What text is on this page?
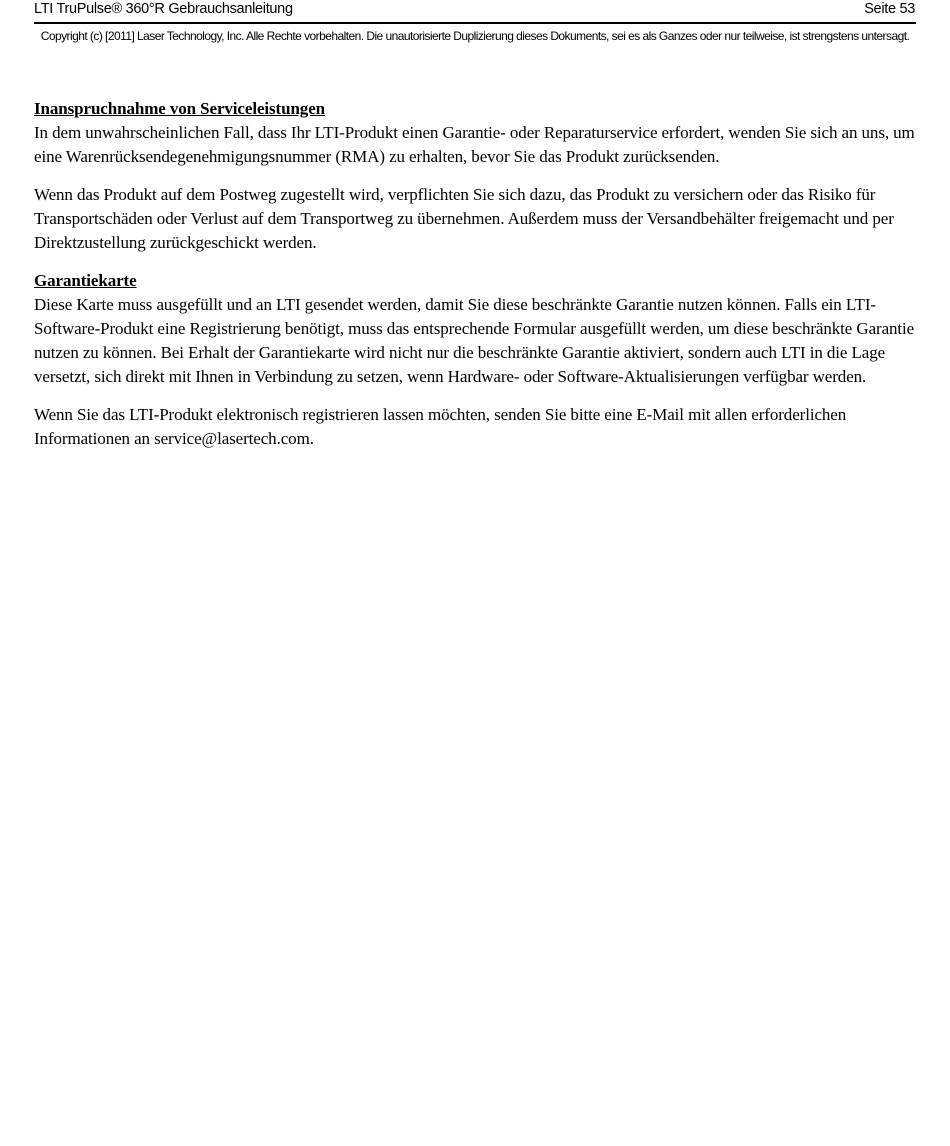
LTI TruPulse® 360°R Gebrauchsanleitung	Seite 53
Copyright (c) [2011] Laser Technology, Inc. Alle Rechte vorbehalten. Die unautorisierte Duplizierung dieses Dokuments, sei es als Ganzes oder nur teilweise, ist strengstens untersagt.
Inanspruchnahme von Serviceleistungen

In dem unwahrscheinlichen Fall, dass Ihr LTI-Produkt einen Garantie- oder Reparaturservice erfordert, wenden Sie sich an uns, um eine Warenrücksendegenehmigungsnummer (RMA) zu erhalten, bevor Sie das Produkt zurücksenden.

Wenn das Produkt auf dem Postweg zugestellt wird, verpflichten Sie sich dazu, das Produkt zu versichern oder das Risiko für Transportschäden oder Verlust auf dem Transportweg zu übernehmen. Außerdem muss der Versandbehälter freigemacht und per Direktzustellung zurückgeschickt werden.

Garantiekarte

Diese Karte muss ausgefüllt und an LTI gesendet werden, damit Sie diese beschränkte Garantie nutzen können. Falls ein LTI-Software-Produkt eine Registrierung benötigt, muss das entsprechende Formular ausgefüllt werden, um diese beschränkte Garantie nutzen zu können. Bei Erhalt der Garantiekarte wird nicht nur die beschränkte Garantie aktiviert, sondern auch LTI in die Lage versetzt, sich direkt mit Ihnen in Verbindung zu setzen, wenn Hardware- oder Software-Aktualisierungen verfügbar werden.

Wenn Sie das LTI-Produkt elektronisch registrieren lassen möchten, senden Sie bitte eine E-Mail mit allen erforderlichen Informationen an service@lasertech.com.
